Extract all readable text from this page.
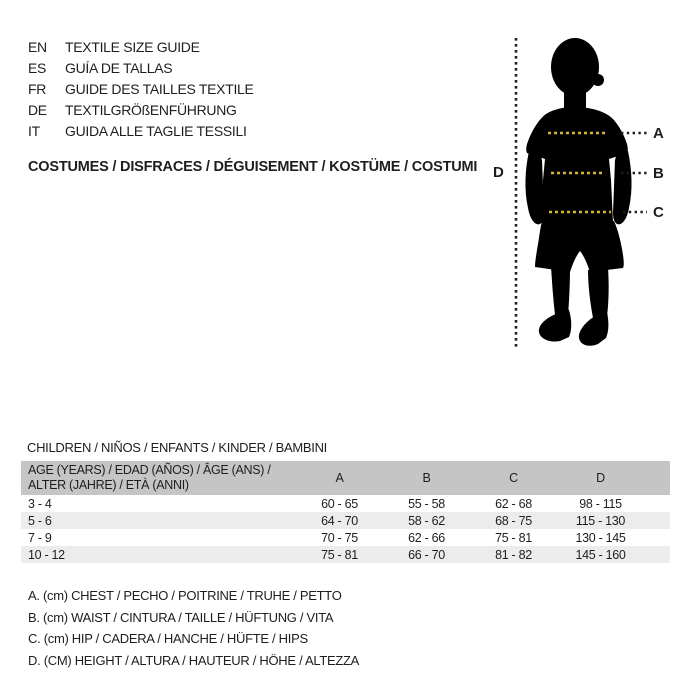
EN	TEXTILE SIZE GUIDE
ES	GUÍA DE TALLAS
FR	GUIDE DES TAILLES TEXTILE
DE	TEXTILGRÖßENFÜHRUNG
IT	GUIDA ALLE TAGLIE TESSILI
COSTUMES / DISFRACES / DÉGUISEMENT / KOSTÜME / COSTUMI
A
B
C
D
CHILDREN / NIÑOS / ENFANTS / KINDER / BAMBINI
AGE (YEARS) / EDAD (AÑOS) / ÂGE (ANS) /
ALTER (JAHRE) / ETÀ (ANNI)	A	B	C	D
3 - 4	60 - 65	55 - 58	62 - 68	98 - 115
5 - 6	64 - 70	58 - 62	68 - 75	115 - 130
7 - 9	70 - 75	62 - 66	75 - 81	130 - 145
10 - 12	75 - 81	66 - 70	81 - 82	145 - 160
A. (cm) CHEST / PECHO / POITRINE / TRUHE / PETTO
B. (cm) WAIST / CINTURA / TAILLE / HÜFTUNG / VITA
C. (cm) HIP / CADERA / HANCHE / HÜFTE / HIPS
D. (CM) HEIGHT / ALTURA / HAUTEUR / HÖHE / ALTEZZA
